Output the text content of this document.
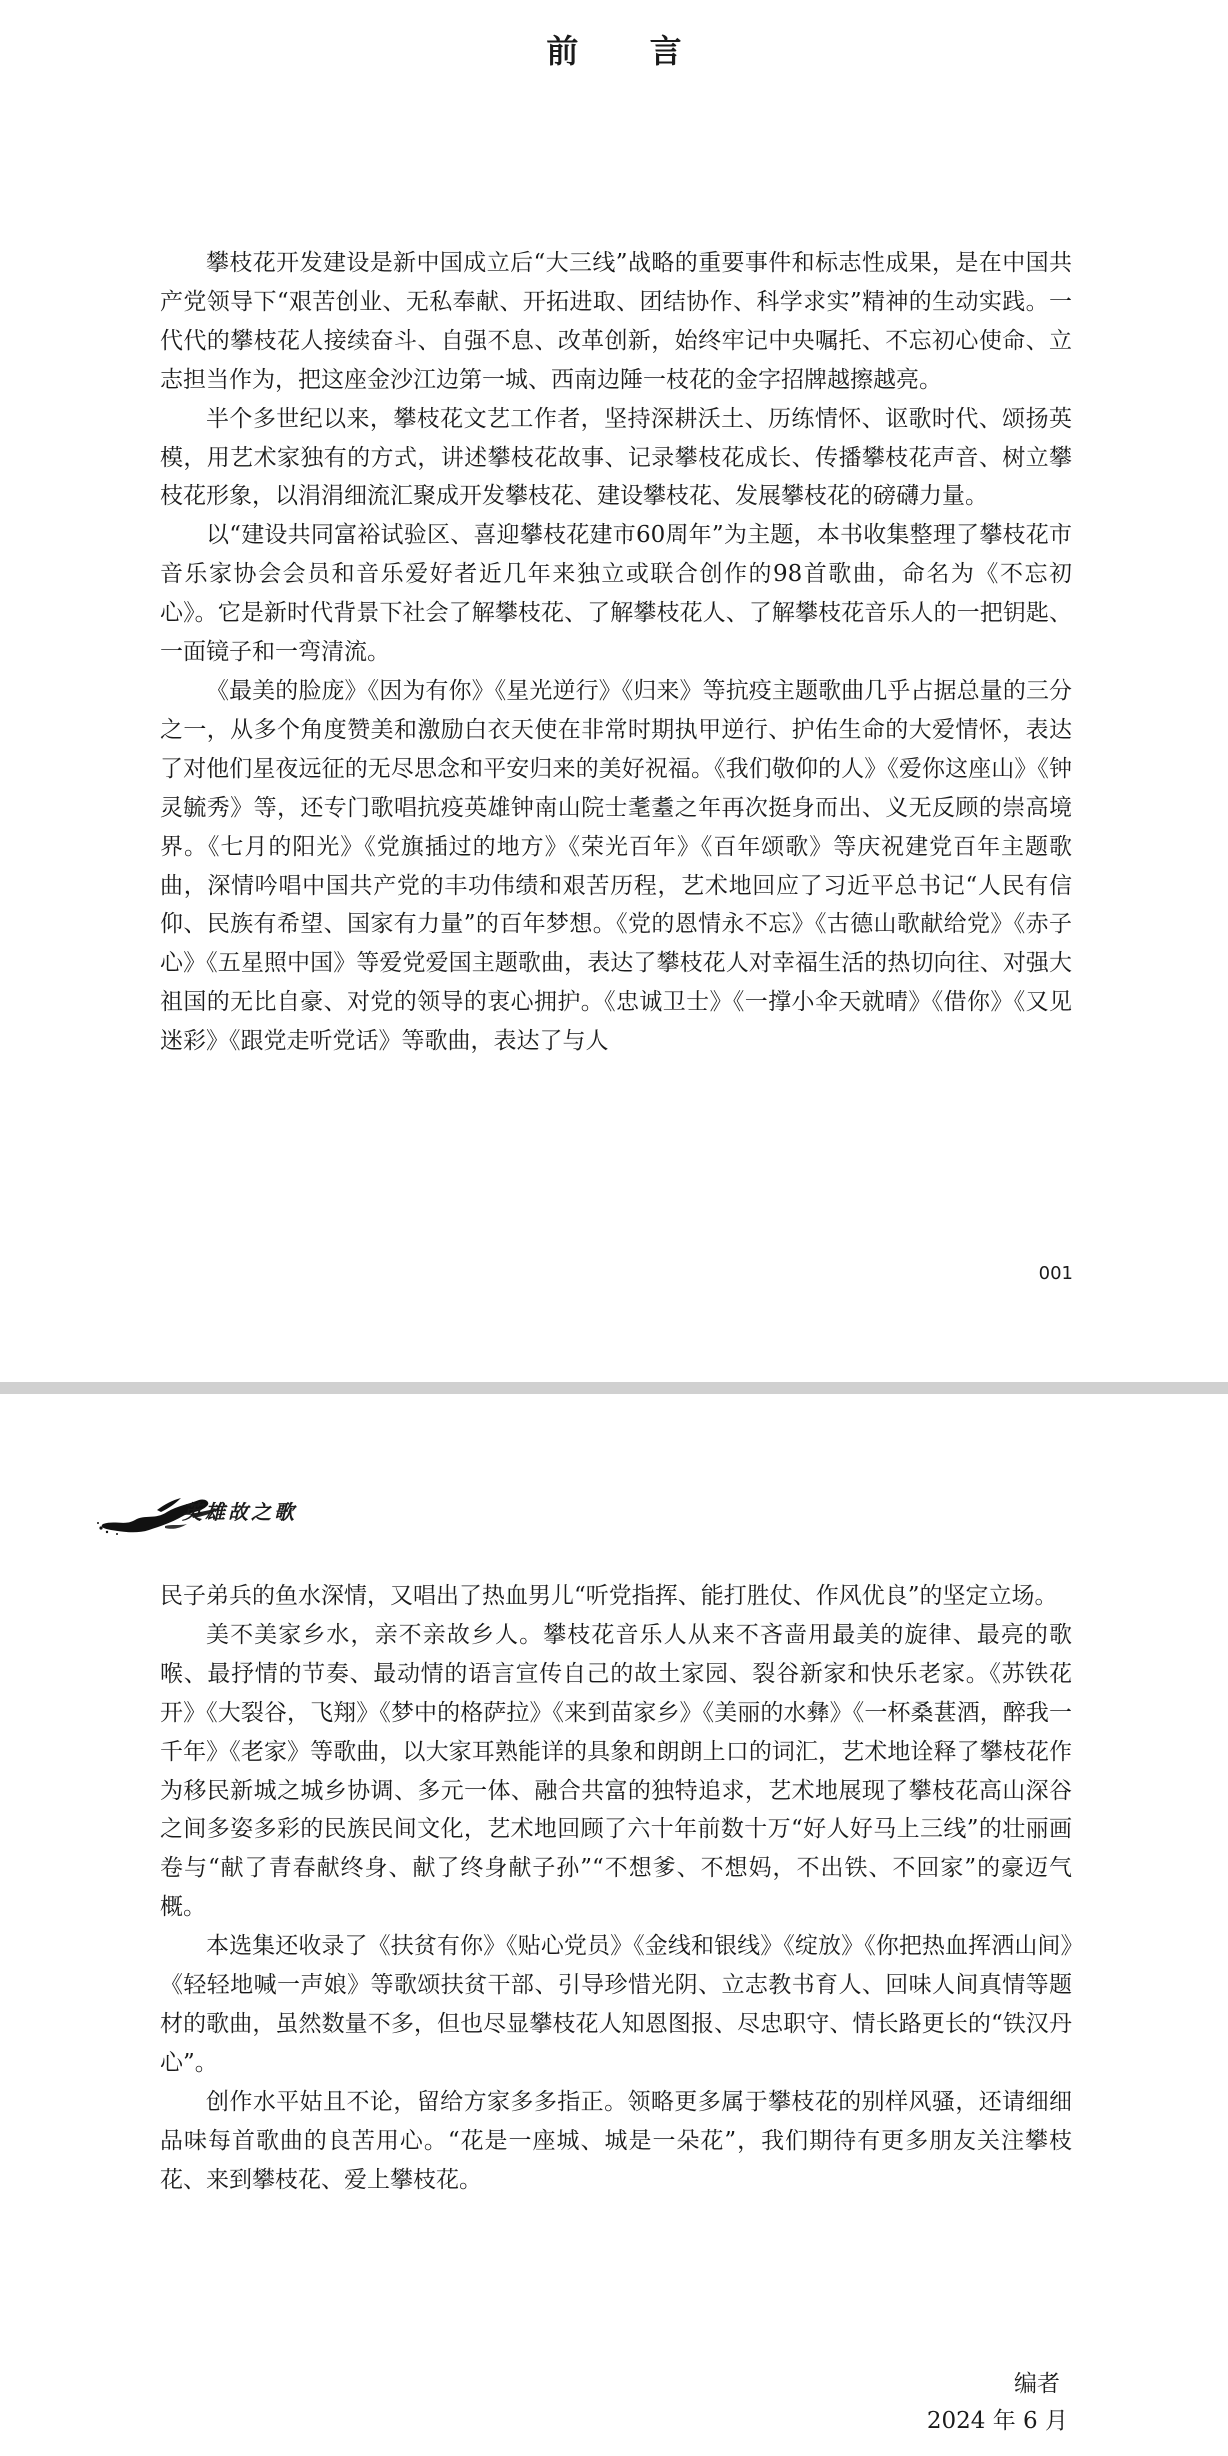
前 言

攀枝花开发建设是新中国成立后“大三线”战略的重要事件和标志性成果，是在中国共产党领导下“艰苦创业、无私奉献、开拓进取、团结协作、科学求实”精神的生动实践。一代代的攀枝花人接续奋斗、自强不息、改革创新，始终牢记中央嘱托、不忘初心使命、立志担当作为，把这座金沙江边第一城、西南边陲一枝花的金字招牌越擦越亮。

半个多世纪以来，攀枝花文艺工作者，坚持深耕沃土、历练情怀、讴歌时代、颂扬英模，用艺术家独有的方式，讲述攀枝花故事、记录攀枝花成长、传播攀枝花声音、树立攀枝花形象，以涓涓细流汇聚成开发攀枝花、建设攀枝花、发展攀枝花的磅礴力量。

以“建设共同富裕试验区、喜迎攀枝花建市60周年”为主题，本书收集整理了攀枝花市音乐家协会会员和音乐爱好者近几年来独立或联合创作的98首歌曲，命名为《不忘初心》。它是新时代背景下社会了解攀枝花、了解攀枝花人、了解攀枝花音乐人的一把钥匙、一面镜子和一弯清流。

《最美的脸庞》《因为有你》《星光逆行》《归来》等抗疫主题歌曲几乎占据总量的三分之一，从多个角度赞美和激励白衣天使在非常时期执甲逆行、护佑生命的大爱情怀，表达了对他们星夜远征的无尽思念和平安归来的美好祝福。《我们敬仰的人》《爱你这座山》《钟灵毓秀》等，还专门歌唱抗疫英雄钟南山院士耄耋之年再次挺身而出、义无反顾的崇高境界。《七月的阳光》《党旗插过的地方》《荣光百年》《百年颂歌》等庆祝建党百年主题歌曲，深情吟唱中国共产党的丰功伟绩和艰苦历程，艺术地回应了习近平总书记“人民有信仰、民族有希望、国家有力量”的百年梦想。《党的恩情永不忘》《古德山歌献给党》《赤子心》《五星照中国》等爱党爱国主题歌曲，表达了攀枝花人对幸福生活的热切向往、对强大祖国的无比自豪、对党的领导的衷心拥护。《忠诚卫士》《一撑小伞天就晴》《借你》《又见迷彩》《跟党走听党话》等歌曲，表达了与人

001
英雄故之歌

民子弟兵的鱼水深情，又唱出了热血男儿“听党指挥、能打胜仗、作风优良”的坚定立场。

美不美家乡水，亲不亲故乡人。攀枝花音乐人从来不吝啬用最美的旋律、最亮的歌喉、最抒情的节奏、最动情的语言宣传自己的故土家园、裂谷新家和快乐老家。《苏铁花开》《大裂谷，飞翔》《梦中的格萨拉》《来到苗家乡》《美丽的水彝》《一杯桑葚酒，醉我一千年》《老家》等歌曲，以大家耳熟能详的具象和朗朗上口的词汇，艺术地诠释了攀枝花作为移民新城之城乡协调、多元一体、融合共富的独特追求，艺术地展现了攀枝花高山深谷之间多姿多彩的民族民间文化，艺术地回顾了六十年前数十万“好人好马上三线”的壮丽画卷与“献了青春献终身、献了终身献子孙”“不想爹、不想妈，不出铁、不回家”的豪迈气概。

本选集还收录了《扶贫有你》《贴心党员》《金线和银线》《绽放》《你把热血挥洒山间》《轻轻地喊一声娘》等歌颂扶贫干部、引导珍惜光阴、立志教书育人、回味人间真情等题材的歌曲，虽然数量不多，但也尽显攀枝花人知恩图报、尽忠职守、情长路更长的“铁汉丹心”。

创作水平姑且不论，留给方家多多指正。领略更多属于攀枝花的别样风骚，还请细细品味每首歌曲的良苦用心。“花是一座城、城是一朵花”，我们期待有更多朋友关注攀枝花、来到攀枝花、爱上攀枝花。

编者
2024 年 6 月
